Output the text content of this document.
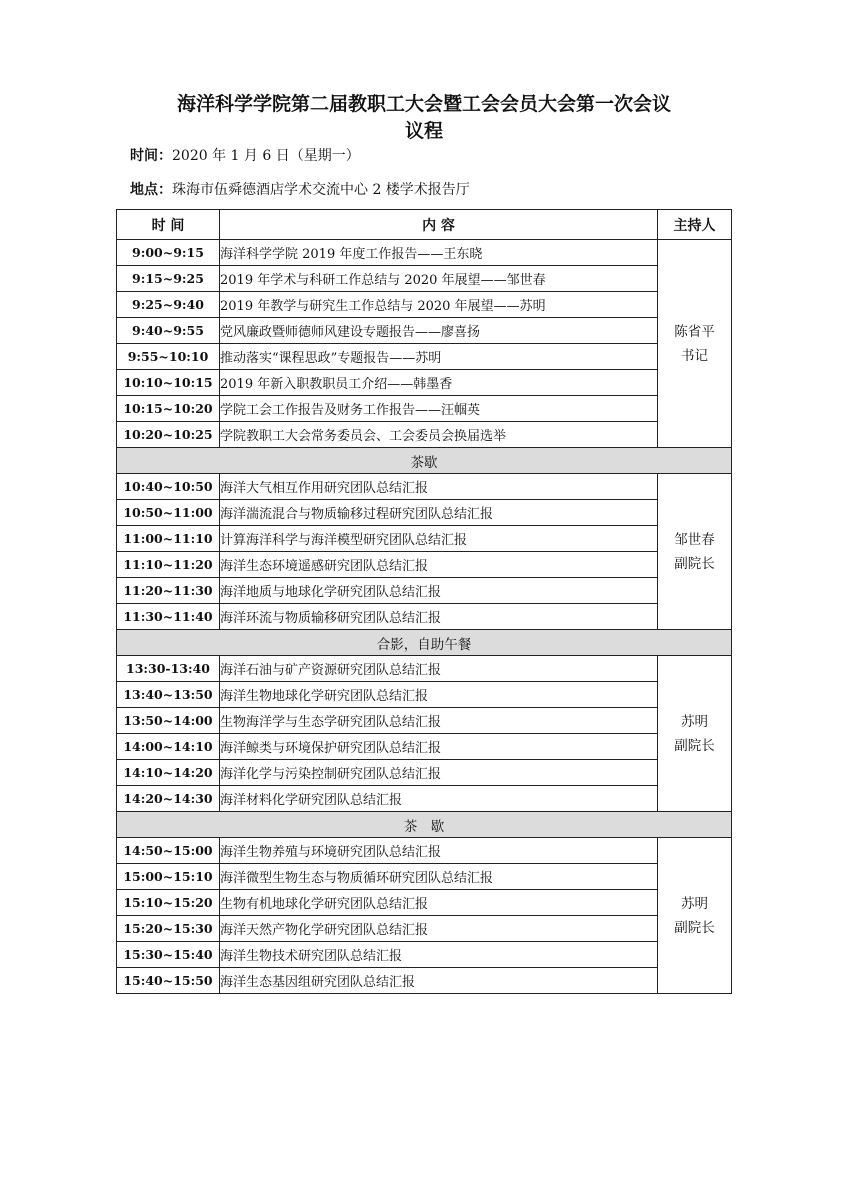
海洋科学学院第二届教职工大会暨工会会员大会第一次会议
议程
时间：2020 年 1 月 6 日（星期一）
地点：珠海市伍舜德酒店学术交流中心 2 楼学术报告厅
时 间	内 容	主持人
9:00~9:15	海洋科学学院 2019 年度工作报告——王东晓	陈省平
书记

9:15~9:25	2019 年学术与科研工作总结与 2020 年展望——邹世春	
9:25~9:40	2019 年教学与研究生工作总结与 2020 年展望——苏明	
9:40~9:55	党风廉政暨师德师风建设专题报告——廖喜扬	
9:55~10:10	推动落实“课程思政”专题报告——苏明	
10:10~10:15	2019 年新入职教职员工介绍——韩墨香	
10:15~10:20	学院工会工作报告及财务工作报告——汪帼英	
10:20~10:25	学院教职工大会常务委员会、工会委员会换届选举	
茶歇		
10:40~10:50	海洋大气相互作用研究团队总结汇报	邹世春
副院长

10:50~11:00	海洋湍流混合与物质输移过程研究团队总结汇报	
11:00~11:10	计算海洋科学与海洋模型研究团队总结汇报	
11:10~11:20	海洋生态环境遥感研究团队总结汇报	
11:20~11:30	海洋地质与地球化学研究团队总结汇报	
11:30~11:40	海洋环流与物质输移研究团队总结汇报	
合影，自助午餐		
13:30-13:40	海洋石油与矿产资源研究团队总结汇报	苏明
副院长

13:40~13:50	海洋生物地球化学研究团队总结汇报	
13:50~14:00	生物海洋学与生态学研究团队总结汇报	
14:00~14:10	海洋鲸类与环境保护研究团队总结汇报	
14:10~14:20	海洋化学与污染控制研究团队总结汇报	
14:20~14:30	海洋材料化学研究团队总结汇报	
茶　歇		
14:50~15:00	海洋生物养殖与环境研究团队总结汇报	苏明
副院长

15:00~15:10	海洋微型生物生态与物质循环研究团队总结汇报	
15:10~15:20	生物有机地球化学研究团队总结汇报	
15:20~15:30	海洋天然产物化学研究团队总结汇报	
15:30~15:40	海洋生物技术研究团队总结汇报	
15:40~15:50	海洋生态基因组研究团队总结汇报	
